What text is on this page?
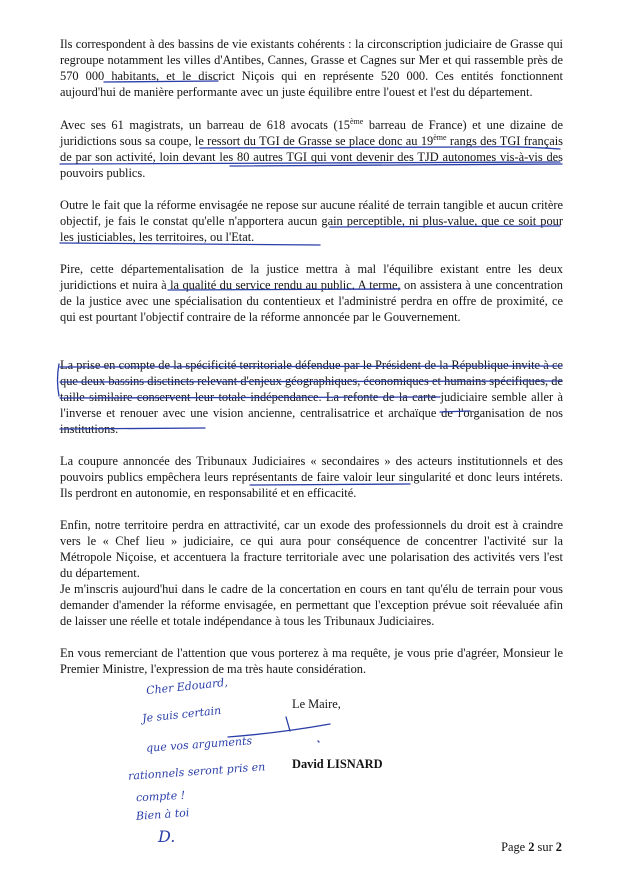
Ils correspondent à des bassins de vie existants cohérents : la circonscription judiciaire de Grasse qui regroupe notamment les villes d'Antibes, Cannes, Grasse et Cagnes sur Mer et qui rassemble près de 570 000 habitants, et le discrict Niçois qui en représente 520 000. Ces entités fonctionnent aujourd'hui de manière performante avec un juste équilibre entre l'ouest et l'est du département.

Avec ses 61 magistrats, un barreau de 618 avocats (15ème barreau de France) et une dizaine de juridictions sous sa coupe, le ressort du TGI de Grasse se place donc au 19ème rangs des TGI français de par son activité, loin devant les 80 autres TGI qui vont devenir des TJD autonomes vis-à-vis des pouvoirs publics.

Outre le fait que la réforme envisagée ne repose sur aucune réalité de terrain tangible et aucun critère objectif, je fais le constat qu'elle n'apportera aucun gain perceptible, ni plus-value, que ce soit pour les justiciables, les territoires, ou l'Etat.

Pire, cette départementalisation de la justice mettra à mal l'équilibre existant entre les deux juridictions et nuira à la qualité du service rendu au public. A terme, on assistera à une concentration de la justice avec une spécialisation du contentieux et l'administré perdra en offre de proximité, ce qui est pourtant l'objectif contraire de la réforme annoncée par le Gouvernement.

La prise en compte de la spécificité territoriale défendue par le Président de la République invite à ce que deux bassins disctincts relevant d'enjeux géographiques, économiques et humains spécifiques, de taille similaire conservent leur totale indépendance. La refonte de la carte judiciaire semble aller à l'inverse et renouer avec une vision ancienne, centralisatrice et archaïque de l'organisation de nos institutions.

La coupure annoncée des Tribunaux Judiciaires « secondaires » des acteurs institutionnels et des pouvoirs publics empêchera leurs représentants de faire valoir leur singularité et donc leurs intérets. Ils perdront en autonomie, en responsabilité et en efficacité.

Enfin, notre territoire perdra en attractivité, car un exode des professionnels du droit est à craindre vers le « Chef lieu » judiciaire, ce qui aura pour conséquence de concentrer l'activité sur la Métropole Niçoise, et accentuera la fracture territoriale avec une polarisation des activités vers l'est du département.

Je m'inscris aujourd'hui dans le cadre de la concertation en cours en tant qu'élu de terrain pour vous demander d'amender la réforme envisagée, en permettant que l'exception prévue soit réevaluée afin de laisser une réelle et totale indépendance à tous les Tribunaux Judiciaires.

En vous remerciant de l'attention que vous porterez à ma requête, je vous prie d'agréer, Monsieur le Premier Ministre, l'expression de ma très haute considération.

Le Maire,
David LISNARD
Cher Edouard,
Je suis certain
que vos arguments
rationnels seront pris en
compte !
Bien à toi
D.
Page 2 sur 2
